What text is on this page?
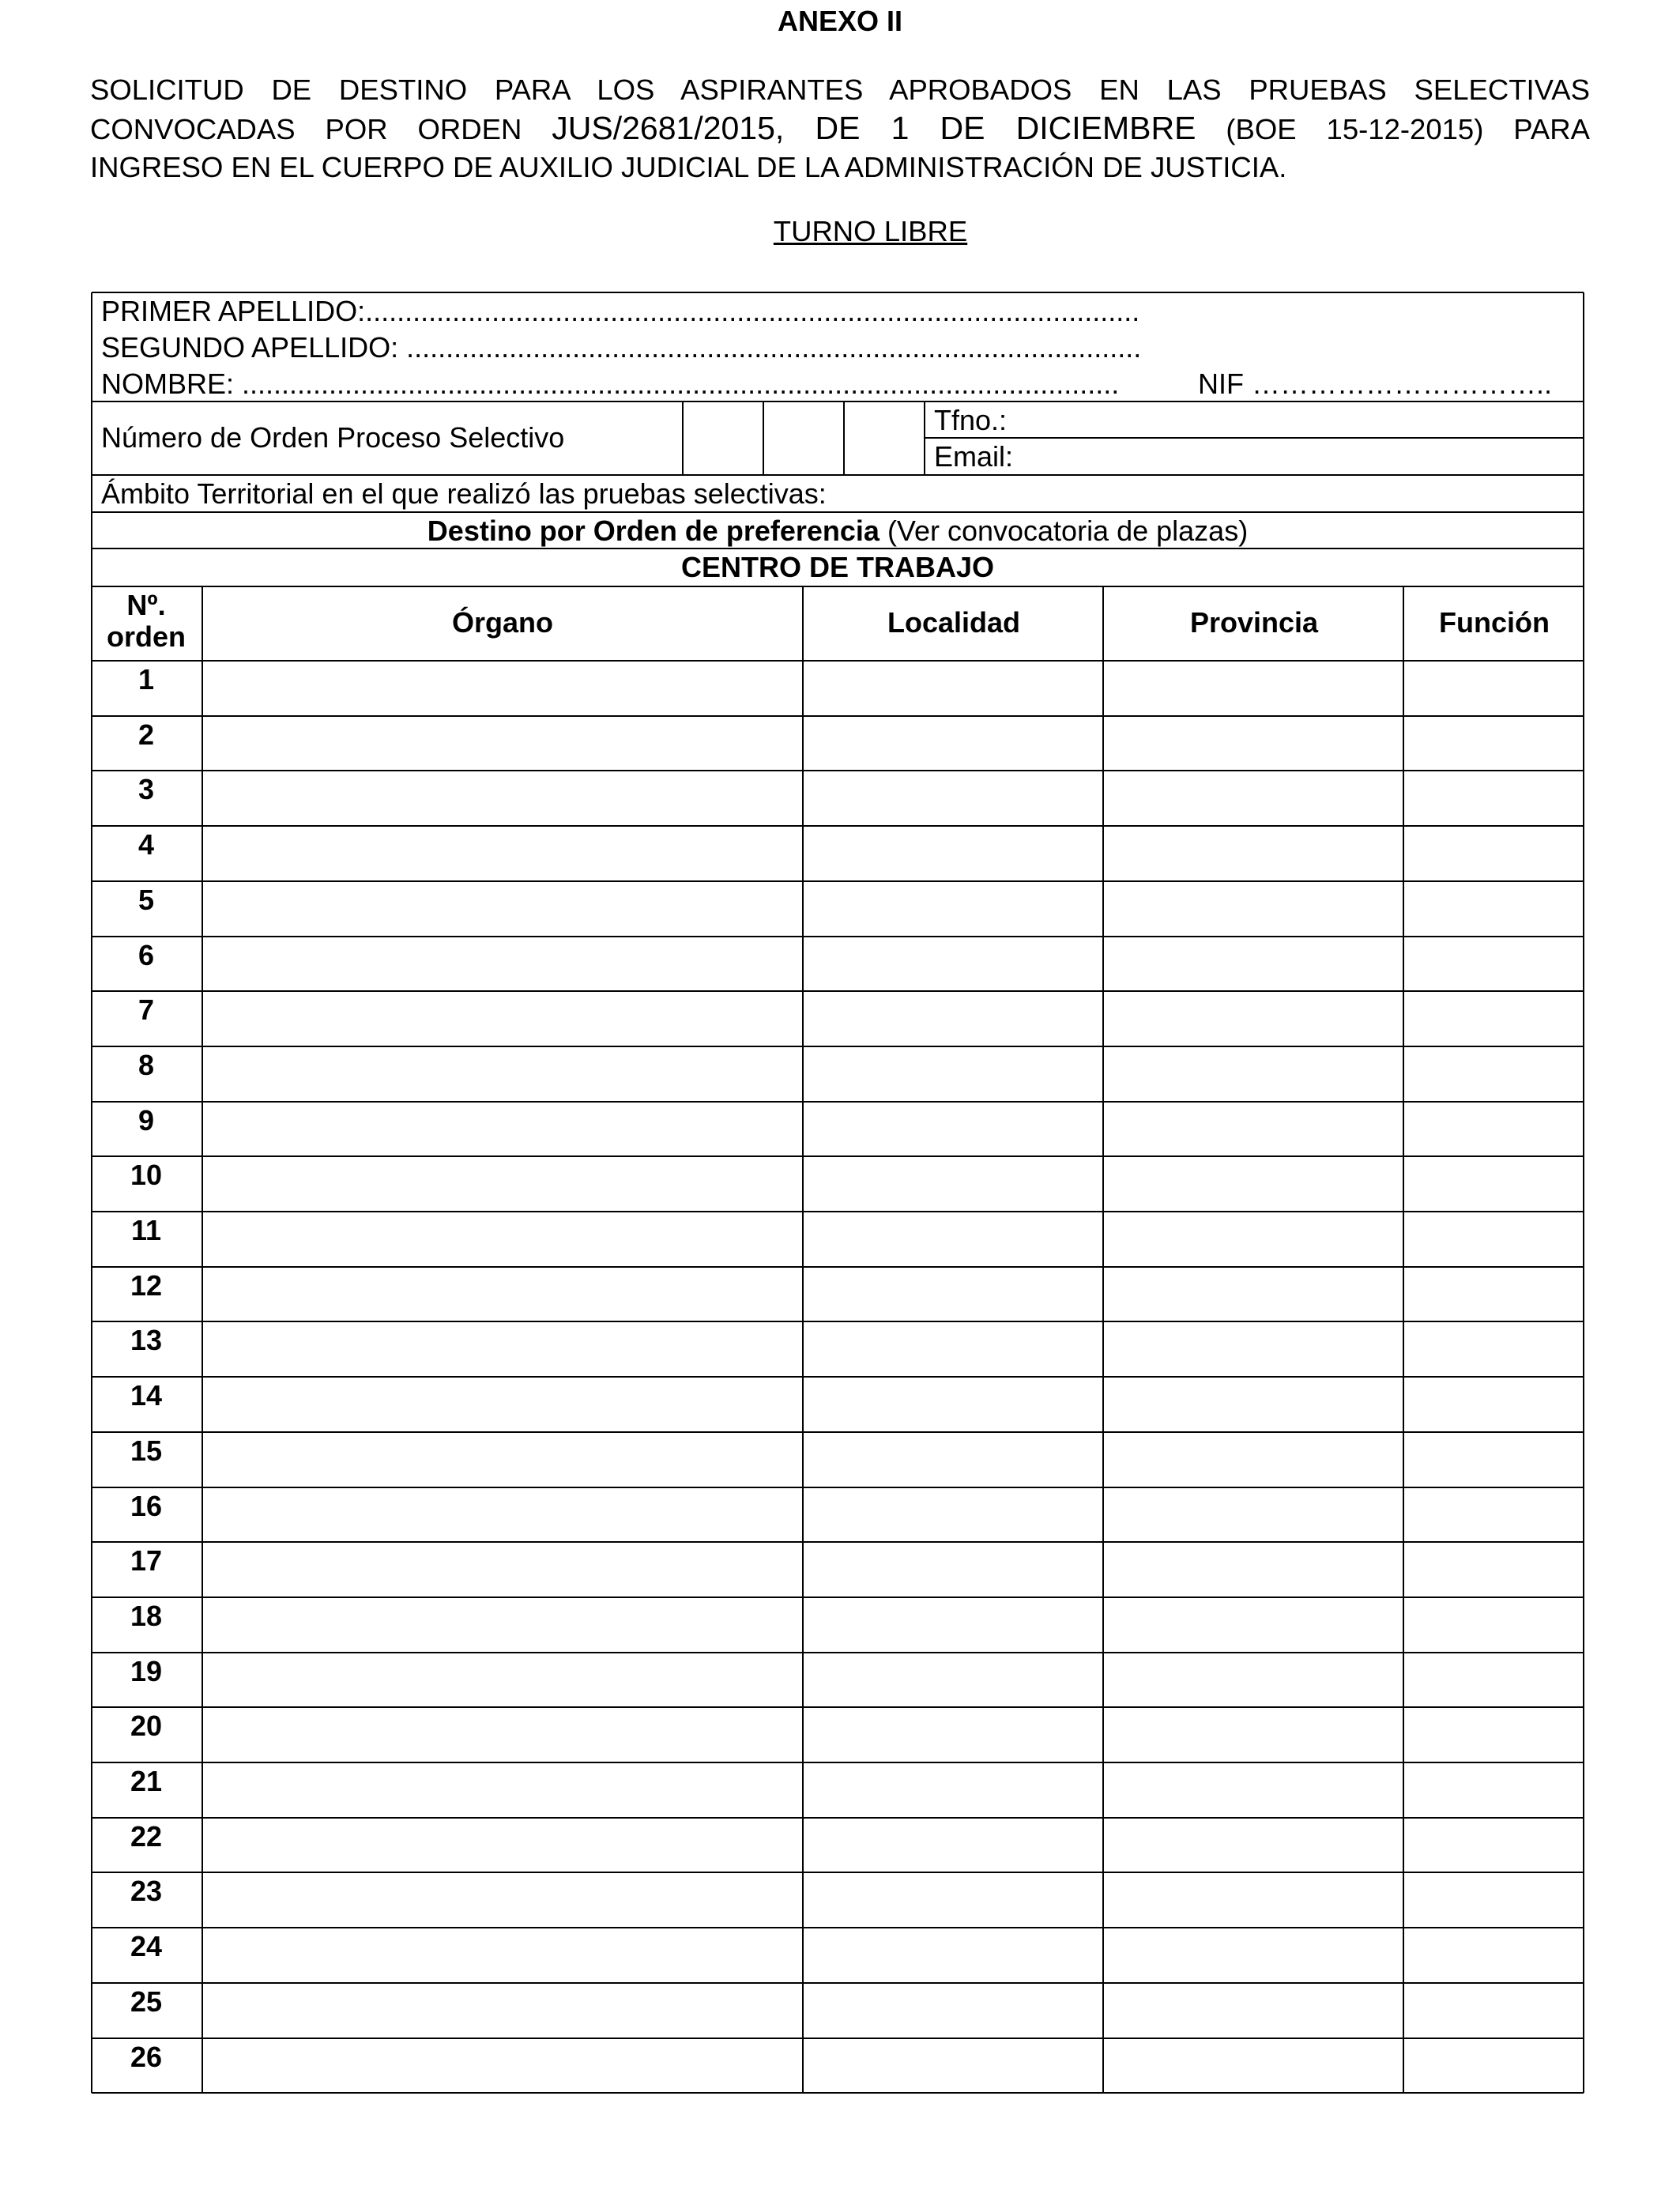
ANEXO II
SOLICITUD DE DESTINO PARA LOS ASPIRANTES APROBADOS EN LAS PRUEBAS SELECTIVAS
CONVOCADAS POR ORDEN JUS/2681/2015, DE 1 DE DICIEMBRE (BOE 15-12-2015) PARA
INGRESO EN EL CUERPO DE AUXILIO JUDICIAL DE LA ADMINISTRACIÓN DE JUSTICIA.
TURNO LIBRE
PRIMER APELLIDO:..................................................................................................
SEGUNDO APELLIDO: .............................................................................................
NOMBRE: ...............................................................................................................	NIF …………………………..
Número de Orden Proceso Selectivo
Tfno.:
Email:
Ámbito Territorial en el que realizó las pruebas selectivas:
Destino por Orden de preferencia (Ver convocatoria de plazas)
CENTRO DE TRABAJO
Nº. orden	Órgano	Localidad	Provincia	Función
1
2
3
4
5
6
7
8
9
10
11
12
13
14
15
16
17
18
19
20
21
22
23
24
25
26
